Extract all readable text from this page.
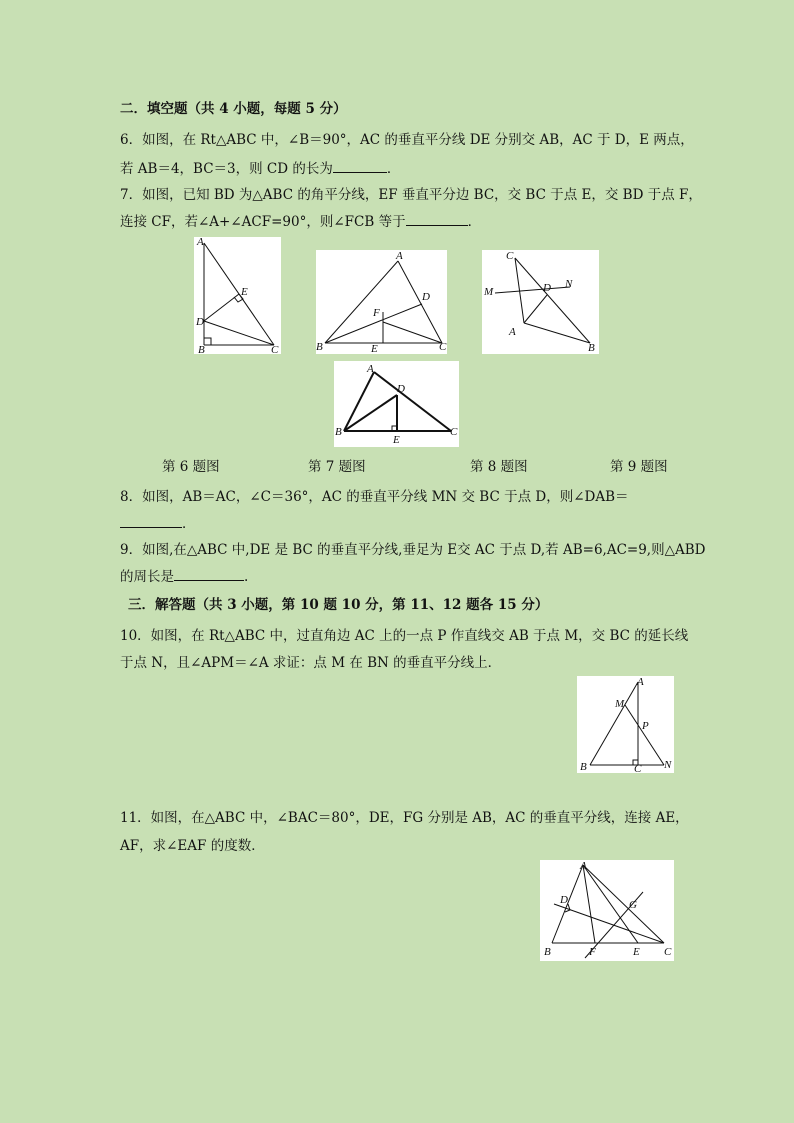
二．填空题（共 4 小题，每题 5 分）
6．如图，在 Rt△ABC 中，∠B＝90°，AC 的垂直平分线 DE 分别交 AB，AC 于 D，E 两点，
若 AB＝4，BC＝3，则 CD 的长为	．
7．如图，已知 BD 为△ABC 的角平分线，EF 垂直平分边 BC，交 BC 于点 E，交 BD 于点 F，
连接 CF，若∠A+∠ACF=90°，则∠FCB 等于	．
A
E
D
B	C
A
D
F
B	E	C
C
M	D N
A
B
A
D
B
E
C
第 6 题图	第 7 题图	第 8 题图	第 9 题图
8．如图，AB＝AC，∠C＝36°，AC 的垂直平分线 MN 交 BC 于点 D，则∠DAB＝
．
9．如图,在△ABC 中,DE 是 BC 的垂直平分线,垂足为 E交 AC 于点 D,若 AB=6,AC=9,则△ABD
的周长是	.
三．解答题（共 3 小题，第 10 题 10 分，第 11、12 题各 15 分）
10．如图，在 Rt△ABC 中，过直角边 AC 上的一点 P 作直线交 AB 于点 M，交 BC 的延长线
于点 N，且∠APM＝∠A 求证：点 M 在 BN 的垂直平分线上．
A
M
P
B	C N
11．如图，在△ABC 中，∠BAC＝80°，DE，FG 分别是 AB，AC 的垂直平分线，连接 AE，
AF，求∠EAF 的度数．
A
D	G
B	F	E C
